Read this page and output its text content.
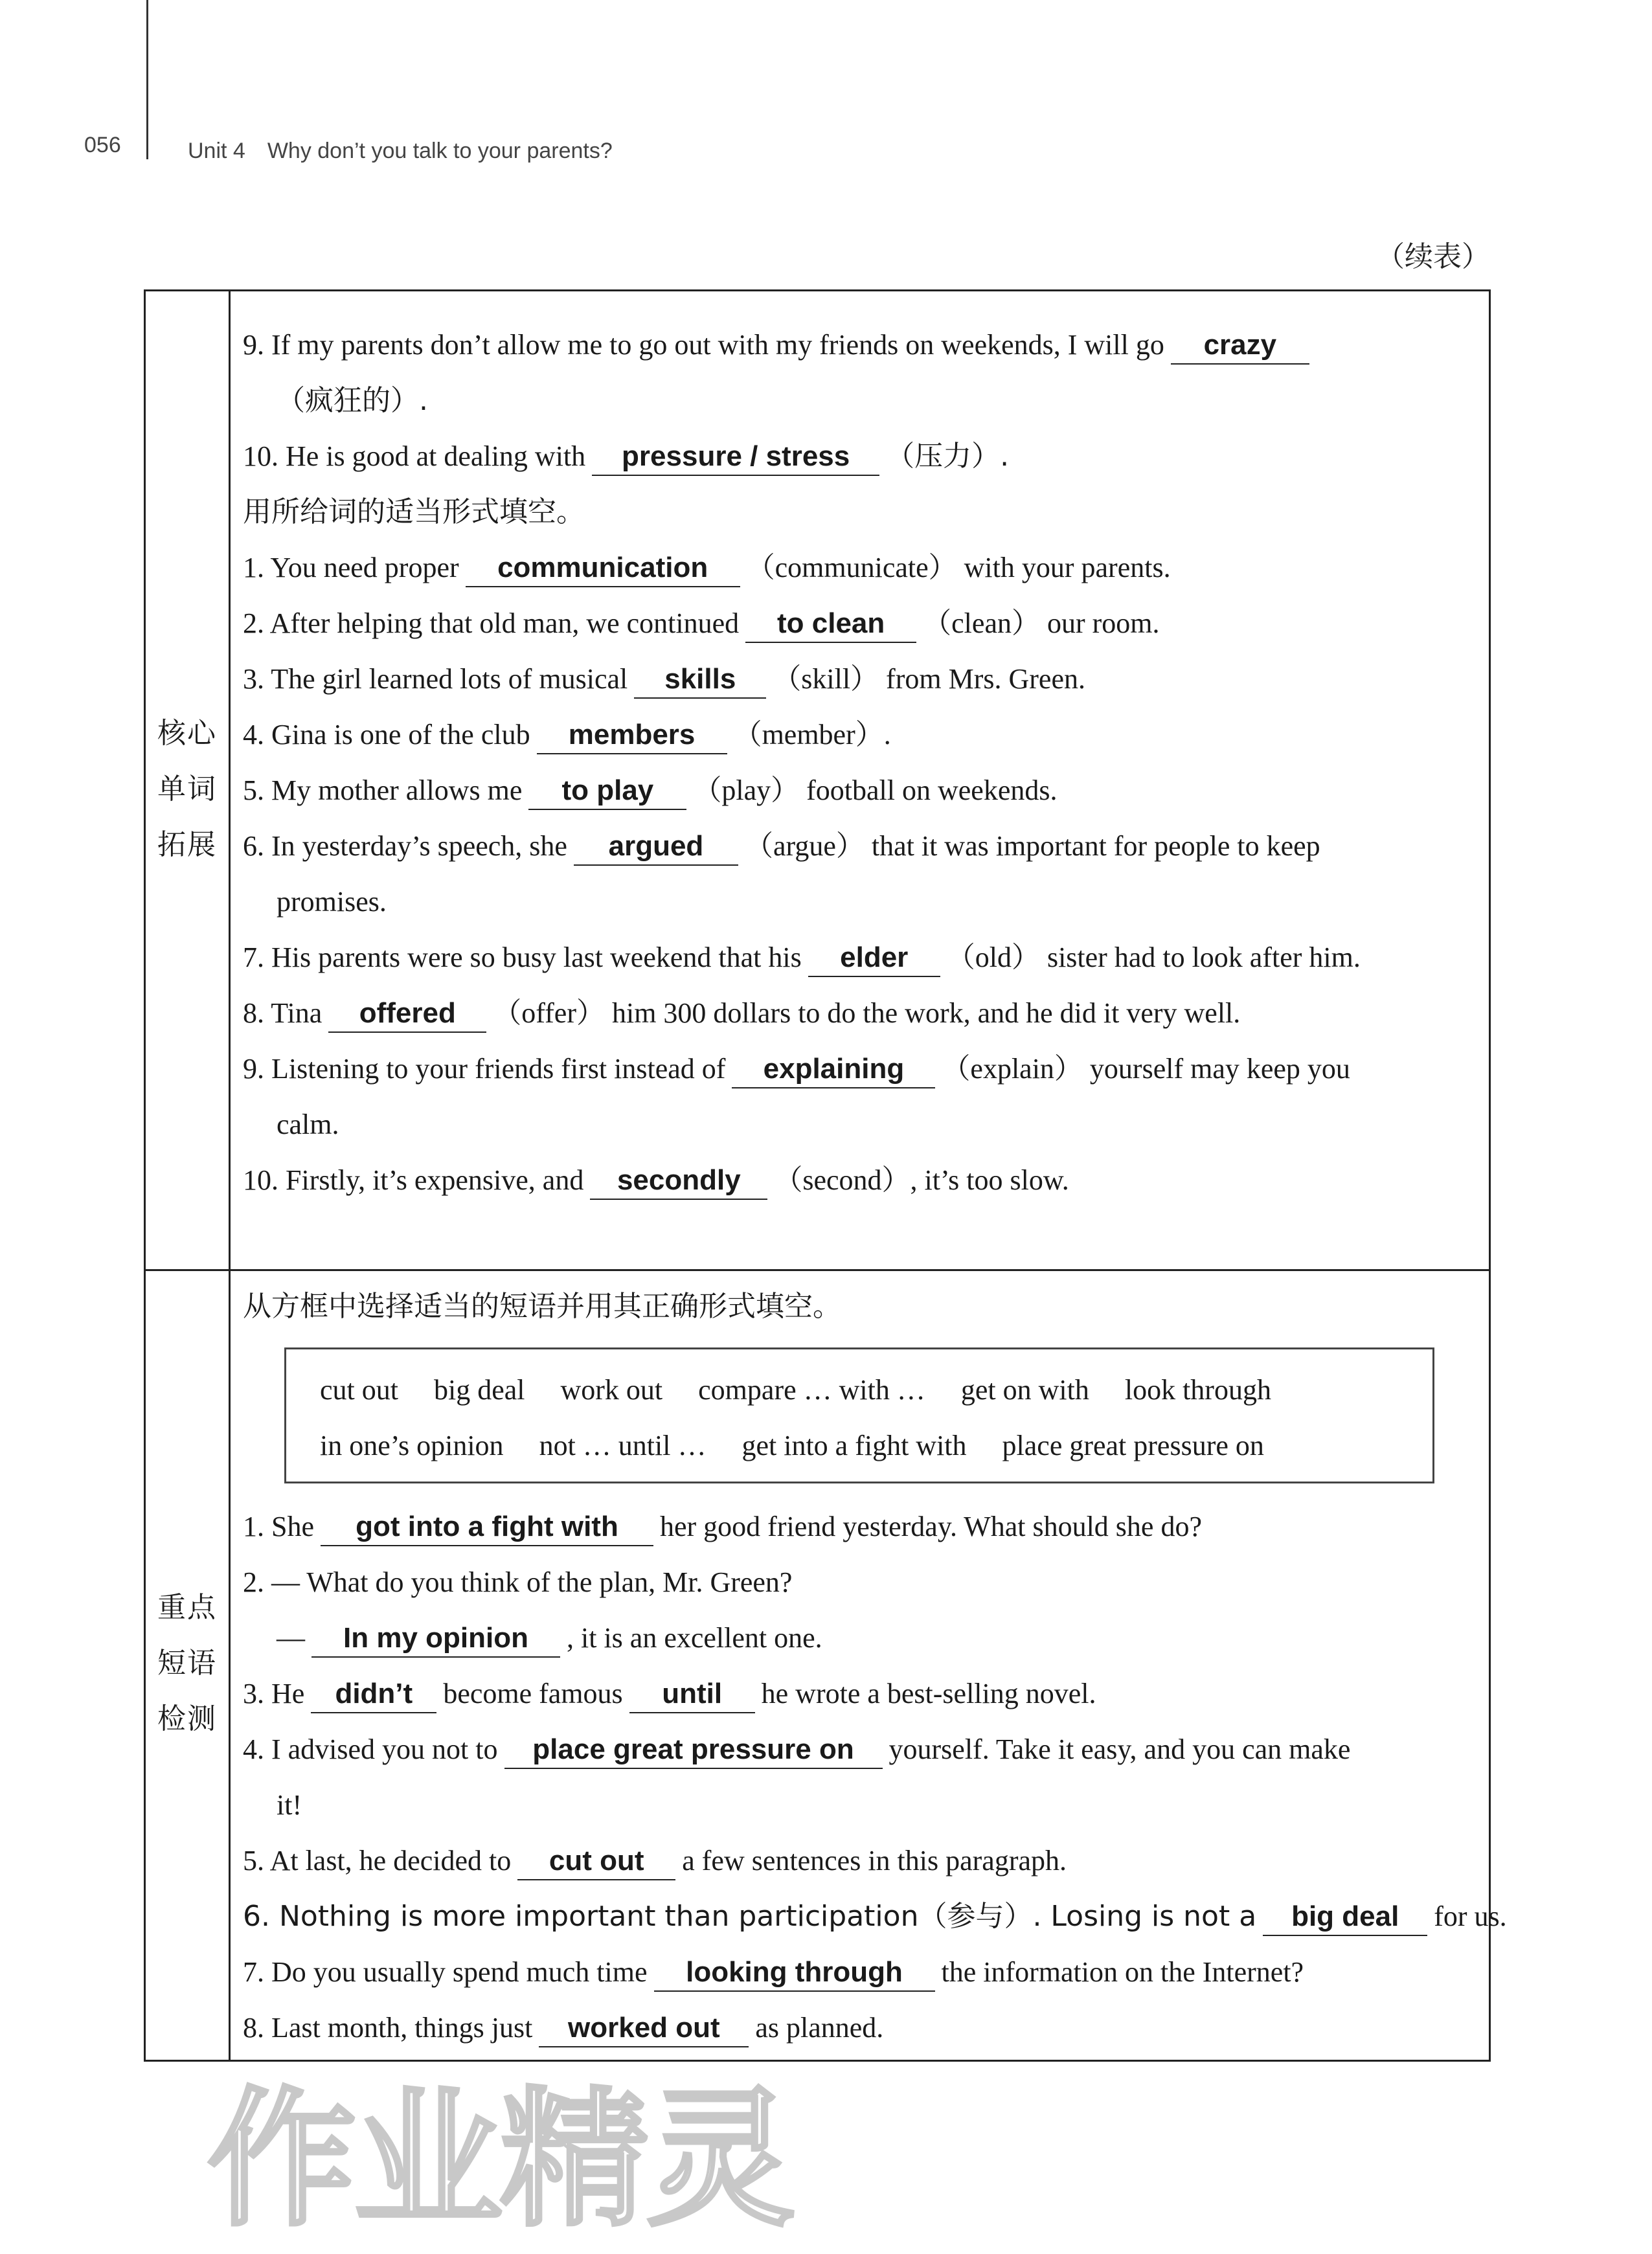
056	Unit 4　Why don’t you talk to your parents?
（续表）
核心
单词
拓展
9. If my parents don’t allow me to go out with my friends on weekends, I will go crazy
（疯狂的）.
10. He is good at dealing with pressure / stress （压力）.
用所给词的适当形式填空。
1. You need proper communication （communicate） with your parents.
2. After helping that old man, we continued to clean （clean） our room.
3. The girl learned lots of musical skills （skill） from Mrs. Green.
4. Gina is one of the club members （member）.
5. My mother allows me to play （play） football on weekends.
6. In yesterday’s speech, she argued （argue） that it was important for people to keep
promises.
7. His parents were so busy last weekend that his elder （old） sister had to look after him.
8. Tina offered （offer） him 300 dollars to do the work, and he did it very well.
9. Listening to your friends first instead of explaining （explain） yourself may keep you
calm.
10. Firstly, it’s expensive, and secondly （second）, it’s too slow.
重点
短语
检测
从方框中选择适当的短语并用其正确形式填空。
cut out big deal work out compare … with … get on with look through
in one’s opinion not … until … get into a fight with place great pressure on
1. She got into a fight with her good friend yesterday. What should she do?
2. — What do you think of the plan, Mr. Green?
— In my opinion , it is an excellent one.
3. He didn’t become famous until he wrote a best-selling novel.
4. I advised you not to place great pressure on yourself. Take it easy, and you can make
it!
5. At last, he decided to cut out a few sentences in this paragraph.
6. Nothing is more important than participation（参与）. Losing is not a big deal for us.
7. Do you usually spend much time looking through the information on the Internet?
8. Last month, things just worked out as planned.
作业精灵
